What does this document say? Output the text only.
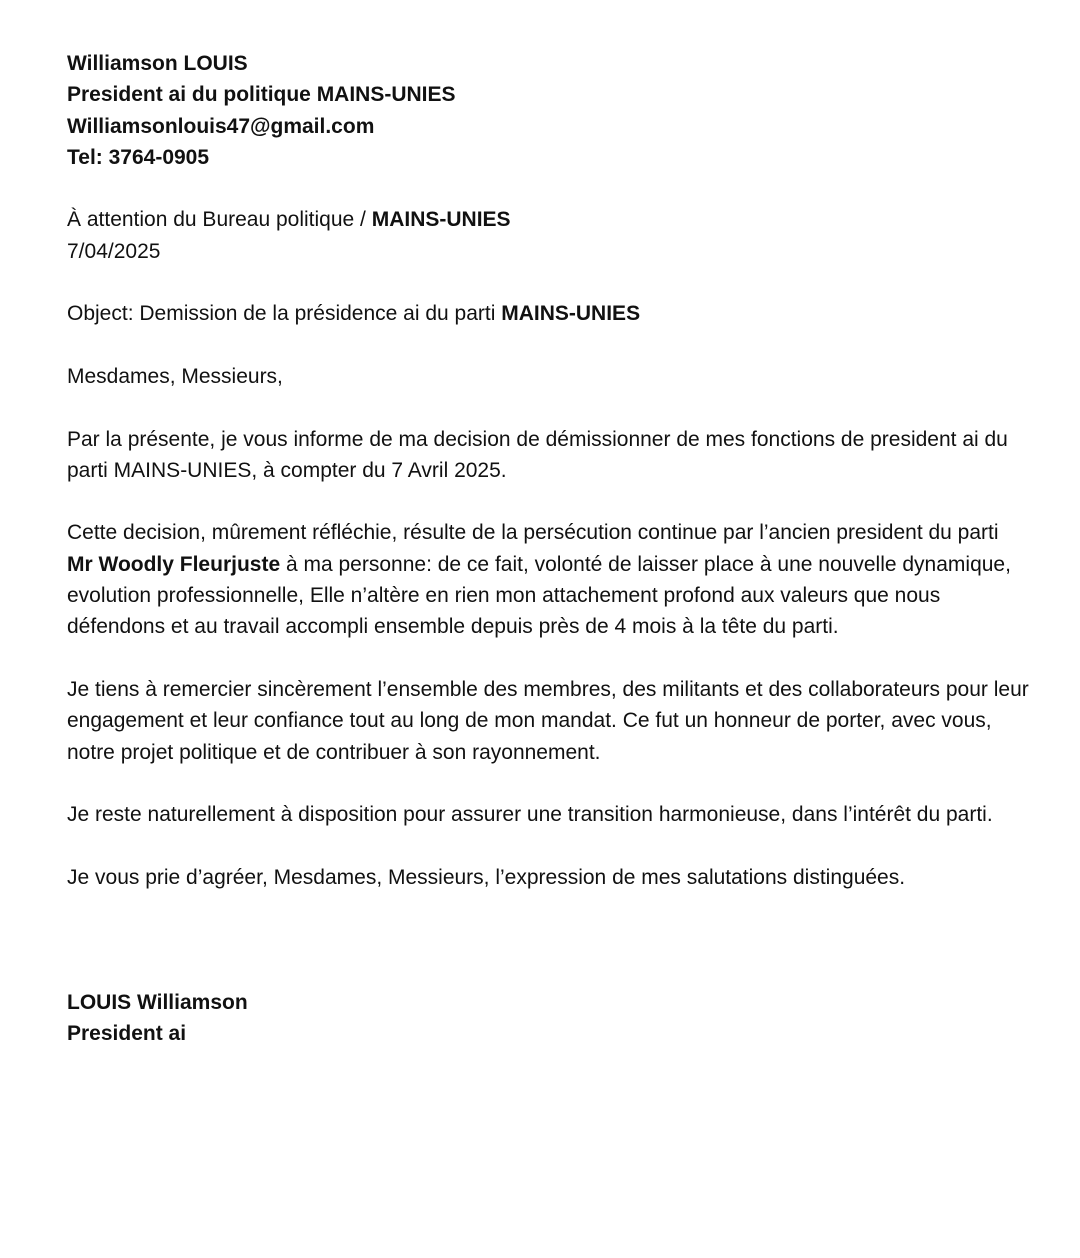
Williamson LOUIS
President ai du politique MAINS-UNIES
Williamsonlouis47@gmail.com
Tel: 3764-0905
À attention du Bureau politique / MAINS-UNIES
7/04/2025
Object: Demission de la présidence ai du parti MAINS-UNIES
Mesdames, Messieurs,
Par la présente, je vous informe de ma decision de démissionner de mes fonctions de president ai du
parti MAINS-UNIES, à compter du 7 Avril 2025.
Cette decision, mûrement réfléchie, résulte de la persécution continue par l’ancien president du parti
Mr Woodly Fleurjuste à ma personne: de ce fait, volonté de laisser place à une nouvelle dynamique,
evolution professionnelle, Elle n’altère en rien mon attachement profond aux valeurs que nous
défendons et au travail accompli ensemble depuis près de 4 mois à la tête du parti.
Je tiens à remercier sincèrement l’ensemble des membres, des militants et des collaborateurs pour leur
engagement et leur confiance tout au long de mon mandat. Ce fut un honneur de porter, avec vous,
notre projet politique et de contribuer à son rayonnement.
Je reste naturellement à disposition pour assurer une transition harmonieuse, dans l’intérêt du parti.
Je vous prie d’agréer, Mesdames, Messieurs, l’expression de mes salutations distinguées.
LOUIS Williamson
President ai
